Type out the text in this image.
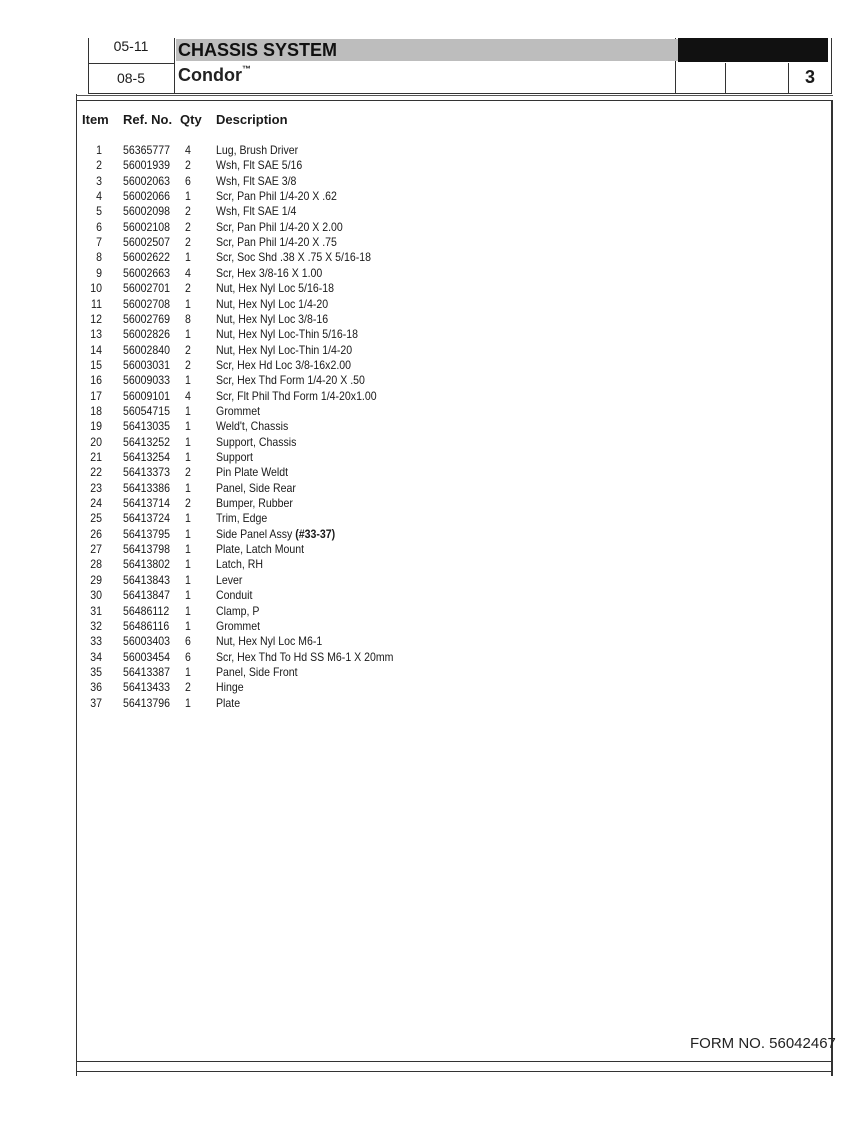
05-11
08-5
CHASSIS SYSTEM
Condor™	3
Item Ref. No. Qty Description
1 56365777 4 Lug, Brush Driver
2 56001939 2 Wsh, Flt SAE 5/16
3 56002063 6 Wsh, Flt SAE 3/8
4 56002066 1 Scr, Pan Phil 1/4-20 X .62
5 56002098 2 Wsh, Flt SAE 1/4
6 56002108 2 Scr, Pan Phil 1/4-20 X 2.00
7 56002507 2 Scr, Pan Phil 1/4-20 X .75
8 56002622 1 Scr, Soc Shd .38 X .75 X 5/16-18
9 56002663 4 Scr, Hex 3/8-16 X 1.00
10 56002701 2 Nut, Hex Nyl Loc 5/16-18
11 56002708 1 Nut, Hex Nyl Loc 1/4-20
12 56002769 8 Nut, Hex Nyl Loc 3/8-16
13 56002826 1 Nut, Hex Nyl Loc-Thin 5/16-18
14 56002840 2 Nut, Hex Nyl Loc-Thin 1/4-20
15 56003031 2 Scr, Hex Hd Loc 3/8-16x2.00
16 56009033 1 Scr, Hex Thd Form 1/4-20 X .50
17 56009101 4 Scr, Flt Phil Thd Form 1/4-20x1.00
18 56054715 1 Grommet
19 56413035 1 Weld't, Chassis
20 56413252 1 Support, Chassis
21 56413254 1 Support
22 56413373 2 Pin Plate Weldt
23 56413386 1 Panel, Side Rear
24 56413714 2 Bumper, Rubber
25 56413724 1 Trim, Edge
26 56413795 1 Side Panel Assy (#33-37)
27 56413798 1 Plate, Latch Mount
28 56413802 1 Latch, RH
29 56413843 1 Lever
30 56413847 1 Conduit
31 56486112 1 Clamp, P
32 56486116 1 Grommet
33 56003403 6 Nut, Hex Nyl Loc M6-1
34 56003454 6 Scr, Hex Thd To Hd SS M6-1 X 20mm
35 56413387 1 Panel, Side Front
36 56413433 2 Hinge
37 56413796 1 Plate
FORM NO. 56042467
